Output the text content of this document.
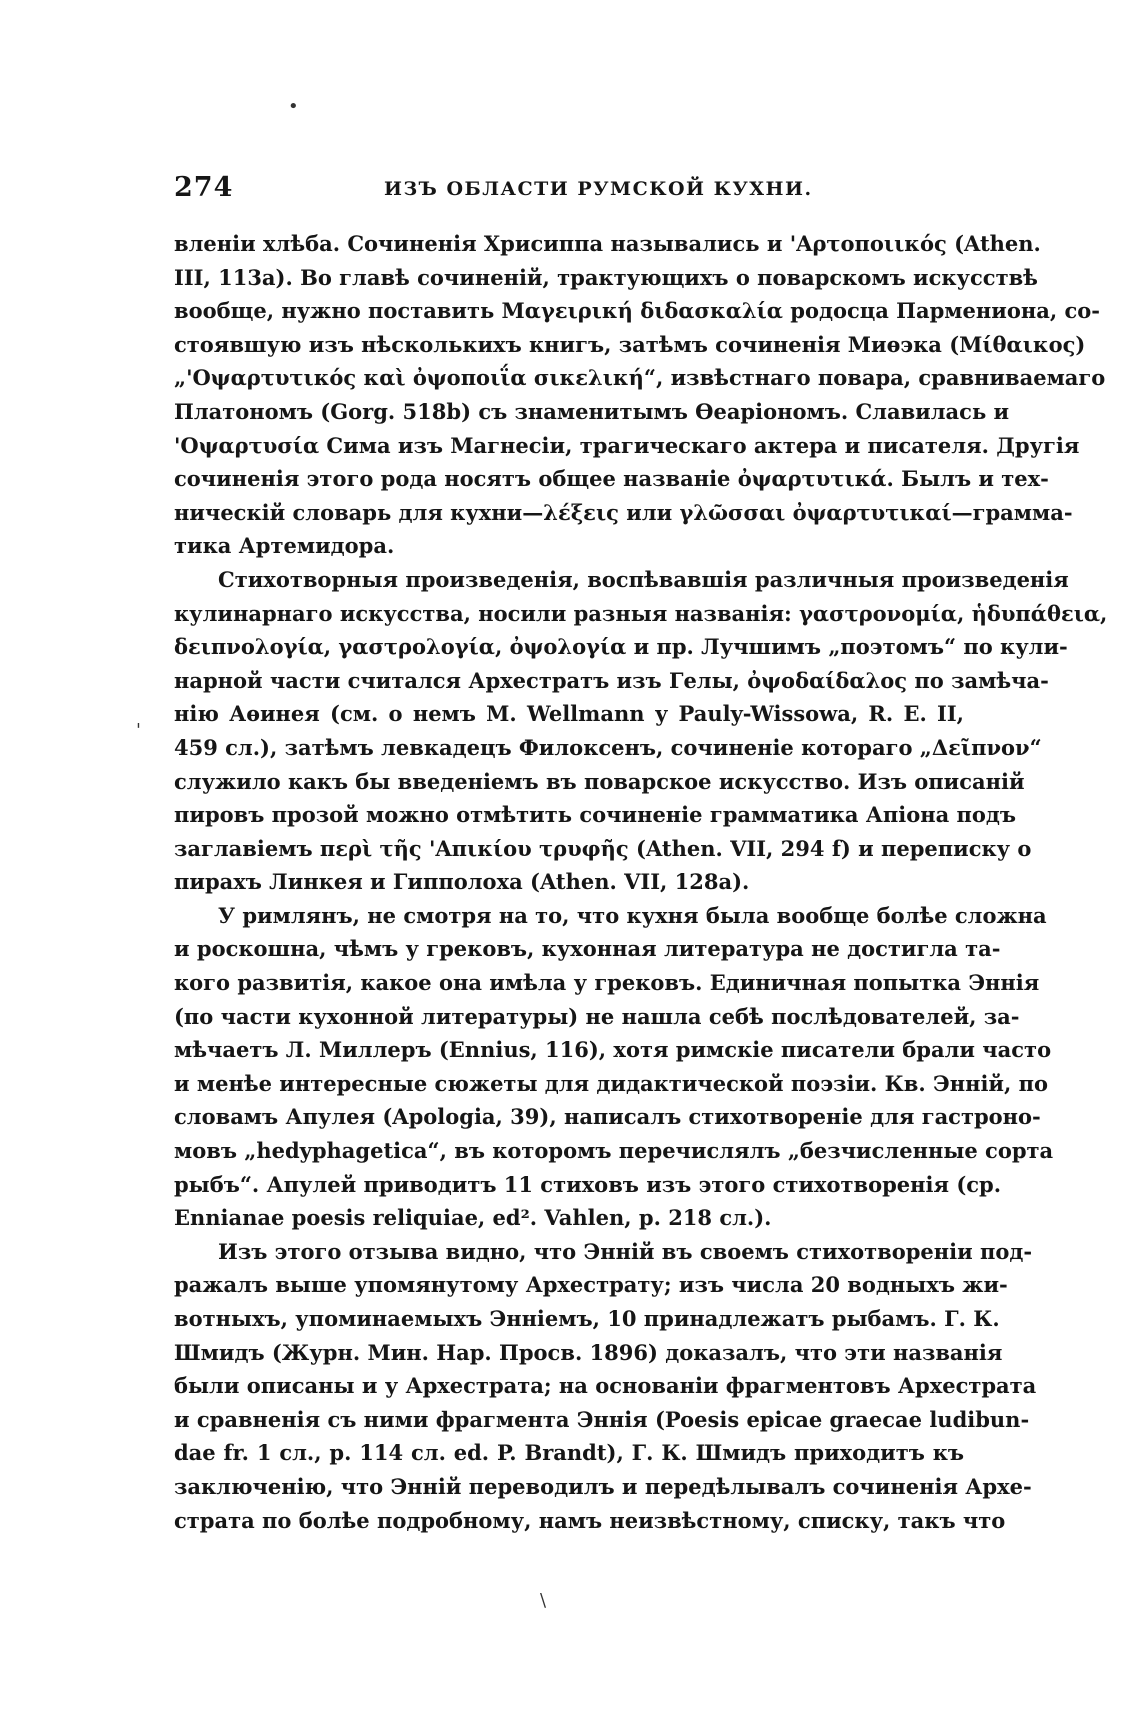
•
'
\
274	ИЗЪ ОБЛАСТИ РУМСКОЙ КУХНИ.
вленіи хлѣба. Сочиненія Хрисиппа назывались и 'Αρτοποιικός (Athen.
III, 113a). Во главѣ сочиненій, трактующихъ о поварскомъ искусствѣ
вообще, нужно поставить Μαγειρική διδασκαλία родосца Пармениона, со-
стоявшую изъ нѣсколькихъ книгъ, затѣмъ сочиненія Миѳэка (Μίθαικος)
„'Οψαρτυτικός καὶ ὀψοποιΐα σικελική“, извѣстнаго повара, сравниваемаго
Платономъ (Gorg. 518b) съ знаменитымъ Ѳеаріономъ. Славилась и
'Οψαρτυσία Сима изъ Магнесіи, трагическаго актера и писателя. Другія
сочиненія этого рода носятъ общее названіе ὀψαρτυτικά. Былъ и тех-
ническій словарь для кухни—λέξεις или γλῶσσαι ὀψαρτυτικαί—грамма-
тика Артемидора.
Стихотворныя произведенія, воспѣвавшія различныя произведенія
кулинарнаго искусства, носили разныя названія: γαστρονομία, ἡδυπάθεια,
δειπνολογία, γαστρολογία, ὀψολογία и пр. Лучшимъ „поэтомъ“ по кули-
нарной части считался Архестратъ изъ Гелы, ὀψοδαίδαλος по замѣча-
нію Аѳинея (см. о немъ M. Wellmann у Pauly-Wissowa, R. E. II,
459 сл.), затѣмъ левкадецъ Филоксенъ, сочиненіе котораго „Δεῖπνον“
служило какъ бы введеніемъ въ поварское искусство. Изъ описаній
пировъ прозой можно отмѣтить сочиненіе грамматика Апіона подъ
заглавіемъ περὶ τῆς 'Απικίου τρυφῆς (Athen. VII, 294 f) и переписку о
пирахъ Линкея и Гипполоха (Athen. VII, 128a).
У римлянъ, не смотря на то, что кухня была вообще болѣе сложна
и роскошна, чѣмъ у грековъ, кухонная литература не достигла та-
кого развитія, какое она имѣла у грековъ. Единичная попытка Эннія
(по части кухонной литературы) не нашла себѣ послѣдователей, за-
мѣчаетъ Л. Миллеръ (Ennius, 116), хотя римскіе писатели брали часто
и менѣе интересные сюжеты для дидактической поэзіи. Кв. Энній, по
словамъ Апулея (Apologia, 39), написалъ стихотвореніе для гастроно-
мовъ „hedyphagetica“, въ которомъ перечислялъ „безчисленные сорта
рыбъ“. Апулей приводитъ 11 стиховъ изъ этого стихотворенія (ср.
Ennianae poesis reliquiae, ed². Vahlen, p. 218 сл.).
Изъ этого отзыва видно, что Энній въ своемъ стихотвореніи под-
ражалъ выше упомянутому Архестрату; изъ числа 20 водныхъ жи-
вотныхъ, упоминаемыхъ Энніемъ, 10 принадлежатъ рыбамъ. Г. К.
Шмидъ (Журн. Мин. Нар. Просв. 1896) доказалъ, что эти названія
были описаны и у Архестрата; на основаніи фрагментовъ Архестрата
и сравненія съ ними фрагмента Эннія (Poesis epicae graecae ludibun-
dae fr. 1 сл., p. 114 сл. ed. P. Brandt), Г. К. Шмидъ приходитъ къ
заключенію, что Энній переводилъ и передѣлывалъ сочиненія Архе-
страта по болѣе подробному, намъ неизвѣстному, списку, такъ что
